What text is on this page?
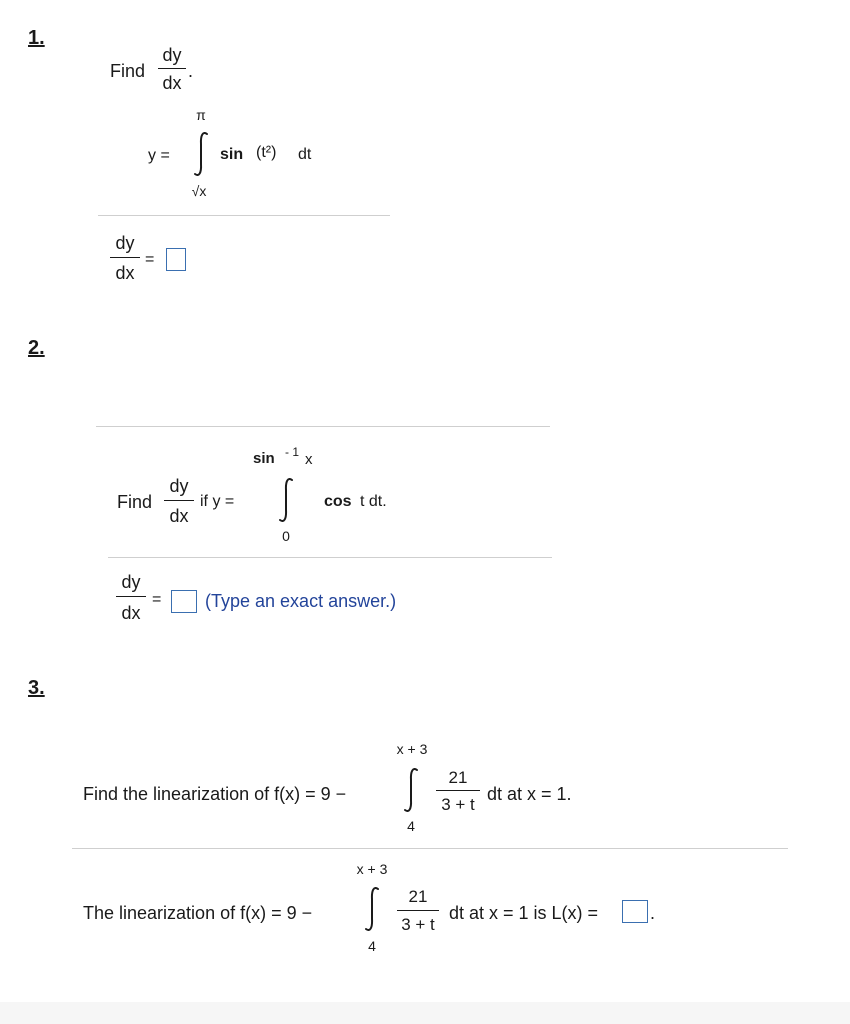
1.
Find
dy
dx
.
y =
π
√x
sin (t²) dt
dy
dx
=
2.
sin - 1 x
Find
dy
dx
if y =
0
cos t dt.
dy
dx
= (Type an exact answer.)
3.
x + 3
Find the linearization of f(x) = 9 −
4
21
3 + t
dt at x = 1.
x + 3
The linearization of f(x) = 9 −
4
21
3 + t
dt at x = 1 is L(x) =	.
